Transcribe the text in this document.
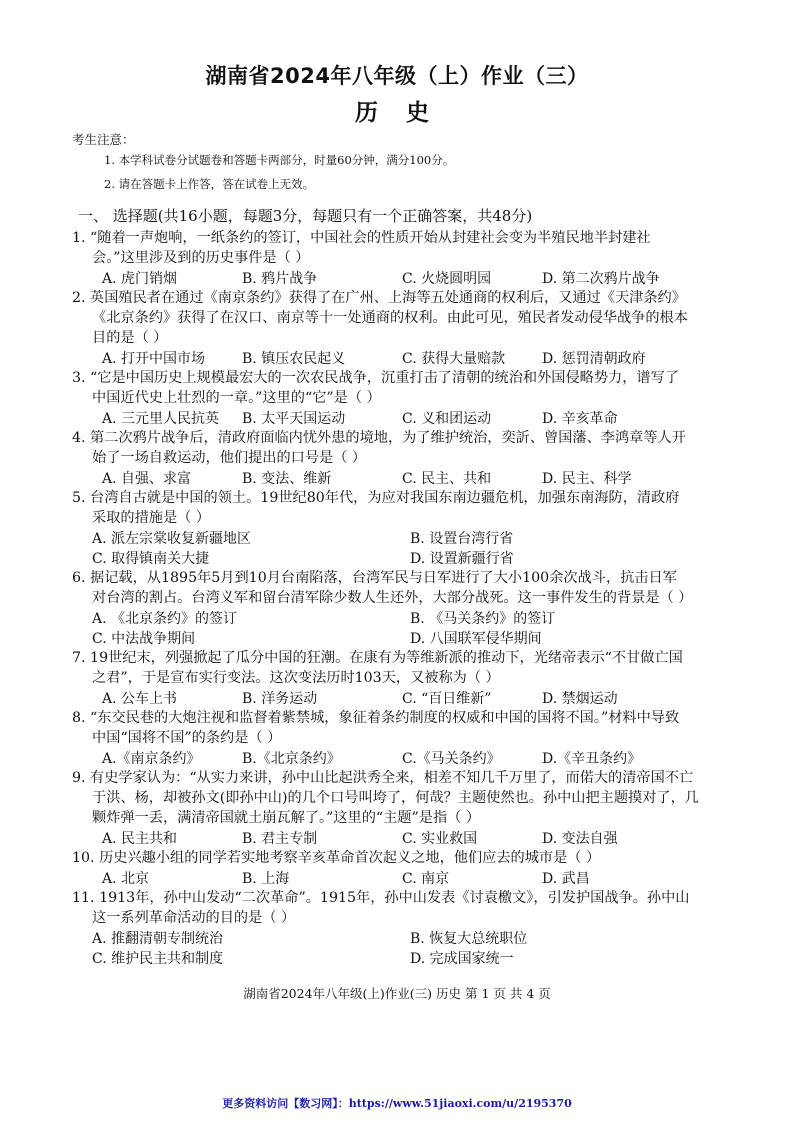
湖南省2024年八年级（上）作业（三）
历 史
考生注意：
1. 本学科试卷分试题卷和答题卡两部分，时量60分钟，满分100分。
2. 请在答题卡上作答，答在试卷上无效。
一、 选择题(共16小题，每题3分，每题只有一个正确答案，共48分)
1. “随着一声炮响，一纸条约的签订，中国社会的性质开始从封建社会变为半殖民地半封建社
会。”这里涉及到的历史事件是（ ）
A. 虎门销烟	B. 鸦片战争	C. 火烧圆明园	D. 第二次鸦片战争
2. 英国殖民者在通过《南京条约》获得了在广州、上海等五处通商的权利后，又通过《天津条约》
《北京条约》获得了在汉口、南京等十一处通商的权利。由此可见，殖民者发动侵华战争的根本
目的是（ ）
A. 打开中国市场	B. 镇压农民起义	C. 获得大量赔款	D. 惩罚清朝政府
3. “它是中国历史上规模最宏大的一次农民战争，沉重打击了清朝的统治和外国侵略势力，谱写了
中国近代史上壮烈的一章。”这里的“它”是（ ）
A. 三元里人民抗英 B. 太平天国运动	C. 义和团运动	D. 辛亥革命
4. 第二次鸦片战争后，清政府面临内忧外患的境地，为了维护统治，奕訢、曾国藩、李鸿章等人开
始了一场自救运动，他们提出的口号是（ ）
A. 自强、求富	B. 变法、维新	C. 民主、共和	D. 民主、科学
5. 台湾自古就是中国的领土。19世纪80年代，为应对我国东南边疆危机，加强东南海防，清政府
采取的措施是（ ）
A. 派左宗棠收复新疆地区	B. 设置台湾行省
C. 取得镇南关大捷	D. 设置新疆行省
6. 据记载，从1895年5月到10月台南陷落，台湾军民与日军进行了大小100余次战斗，抗击日军
对台湾的割占。台湾义军和留台清军除少数人生还外，大部分战死。这一事件发生的背景是（ ）
A. 《北京条约》的签订	B. 《马关条约》的签订
C. 中法战争期间	D. 八国联军侵华期间
7. 19世纪末，列强掀起了瓜分中国的狂潮。在康有为等维新派的推动下，光绪帝表示“不甘做亡国
之君”，于是宣布实行变法。这次变法历时103天，又被称为（ ）
A. 公车上书	B. 洋务运动	C. “百日维新”	D. 禁烟运动
8. “东交民巷的大炮注视和监督着紫禁城，象征着条约制度的权威和中国的国将不国。”材料中导致
中国“国将不国”的条约是（ ）
A.《南京条约》	B.《北京条约》	C.《马关条约》	D.《辛丑条约》
9. 有史学家认为：“从实力来讲，孙中山比起洪秀全来，相差不知几千万里了，而偌大的清帝国不亡
于洪、杨，却被孙文(即孙中山)的几个口号叫垮了，何哉？主题使然也。孙中山把主题摸对了，几
颗炸弹一丢，满清帝国就土崩瓦解了。”这里的“主题”是指（ ）
A. 民主共和	B. 君主专制	C. 实业救国	D. 变法自强
10. 历史兴趣小组的同学若实地考察辛亥革命首次起义之地，他们应去的城市是（ ）
A. 北京	B. 上海	C. 南京	D. 武昌
11. 1913年，孙中山发动“二次革命”。1915年，孙中山发表《讨袁檄文》，引发护国战争。孙中山
这一系列革命活动的目的是（ ）
A. 推翻清朝专制统治	B. 恢复大总统职位
C. 维护民主共和制度	D. 完成国家统一
湖南省2024年八年级(上)作业(三) 历史 第 1 页 共 4 页
更多资料访问【数习网】：https://www.51jiaoxi.com/u/2195370
